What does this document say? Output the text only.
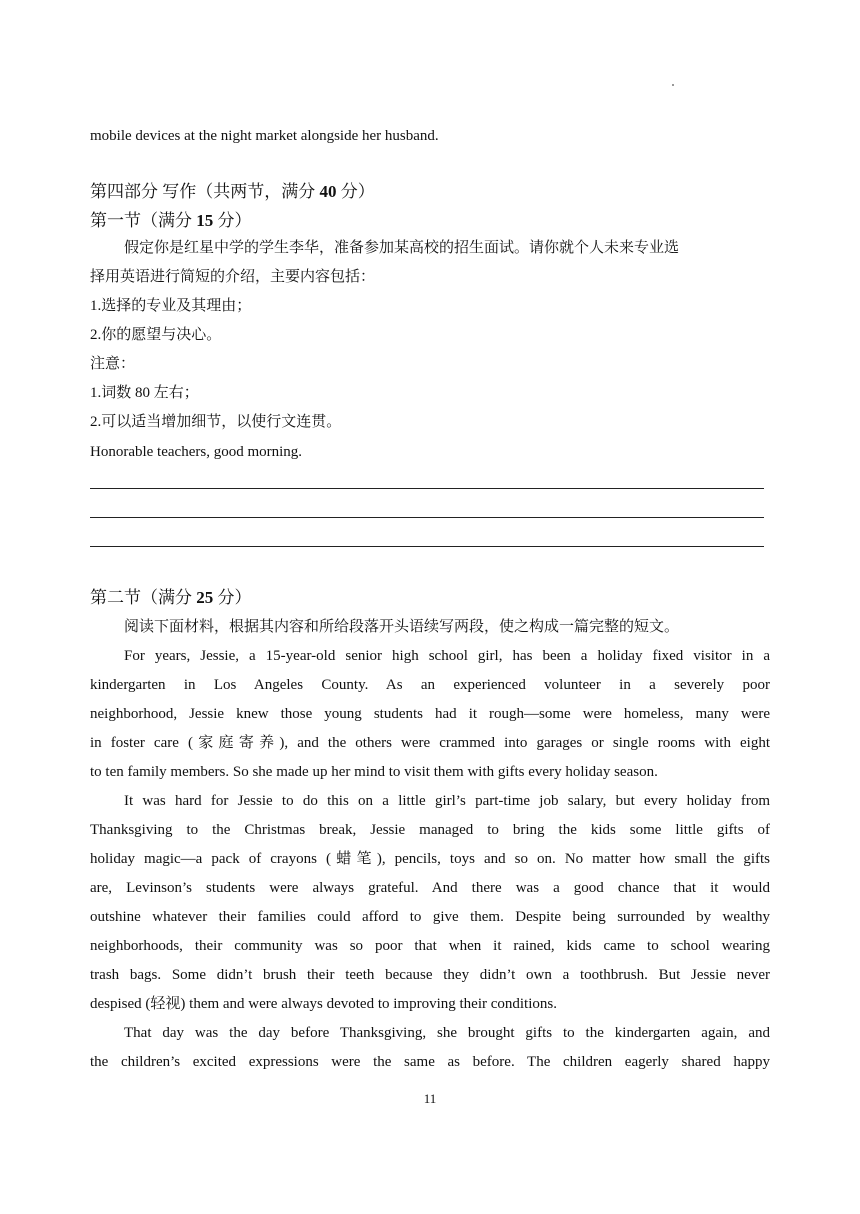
mobile devices at the night market alongside her husband.
第四部分 写作（共两节，满分 40 分）
第一节（满分 15 分）
假定你是红星中学的学生李华，准备参加某高校的招生面试。请你就个人未来专业选
择用英语进行简短的介绍，主要内容包括：
1.选择的专业及其理由；
2.你的愿望与决心。
注意：
1.词数 80 左右；
2.可以适当增加细节，以使行文连贯。
Honorable teachers, good morning.
第二节（满分 25 分）
阅读下面材料，根据其内容和所给段落开头语续写两段，使之构成一篇完整的短文。
For years, Jessie, a 15-year-old senior high school girl, has been a holiday fixed visitor in a
kindergarten in Los Angeles County. As an experienced volunteer in a severely poor
neighborhood, Jessie knew those young students had it rough—some were homeless, many were
in foster care (家庭寄养), and the others were crammed into garages or single rooms with eight
to ten family members. So she made up her mind to visit them with gifts every holiday season.
It was hard for Jessie to do this on a little girl’s part-time job salary, but every holiday from
Thanksgiving to the Christmas break, Jessie managed to bring the kids some little gifts of
holiday magic—a pack of crayons (蜡笔), pencils, toys and so on. No matter how small the gifts
are, Levinson’s students were always grateful. And there was a good chance that it would
outshine whatever their families could afford to give them. Despite being surrounded by wealthy
neighborhoods, their community was so poor that when it rained, kids came to school wearing
trash bags. Some didn’t brush their teeth because they didn’t own a toothbrush. But Jessie never
despised (轻视) them and were always devoted to improving their conditions.
That day was the day before Thanksgiving, she brought gifts to the kindergarten again, and
the children’s excited expressions were the same as before. The children eagerly shared happy
11
